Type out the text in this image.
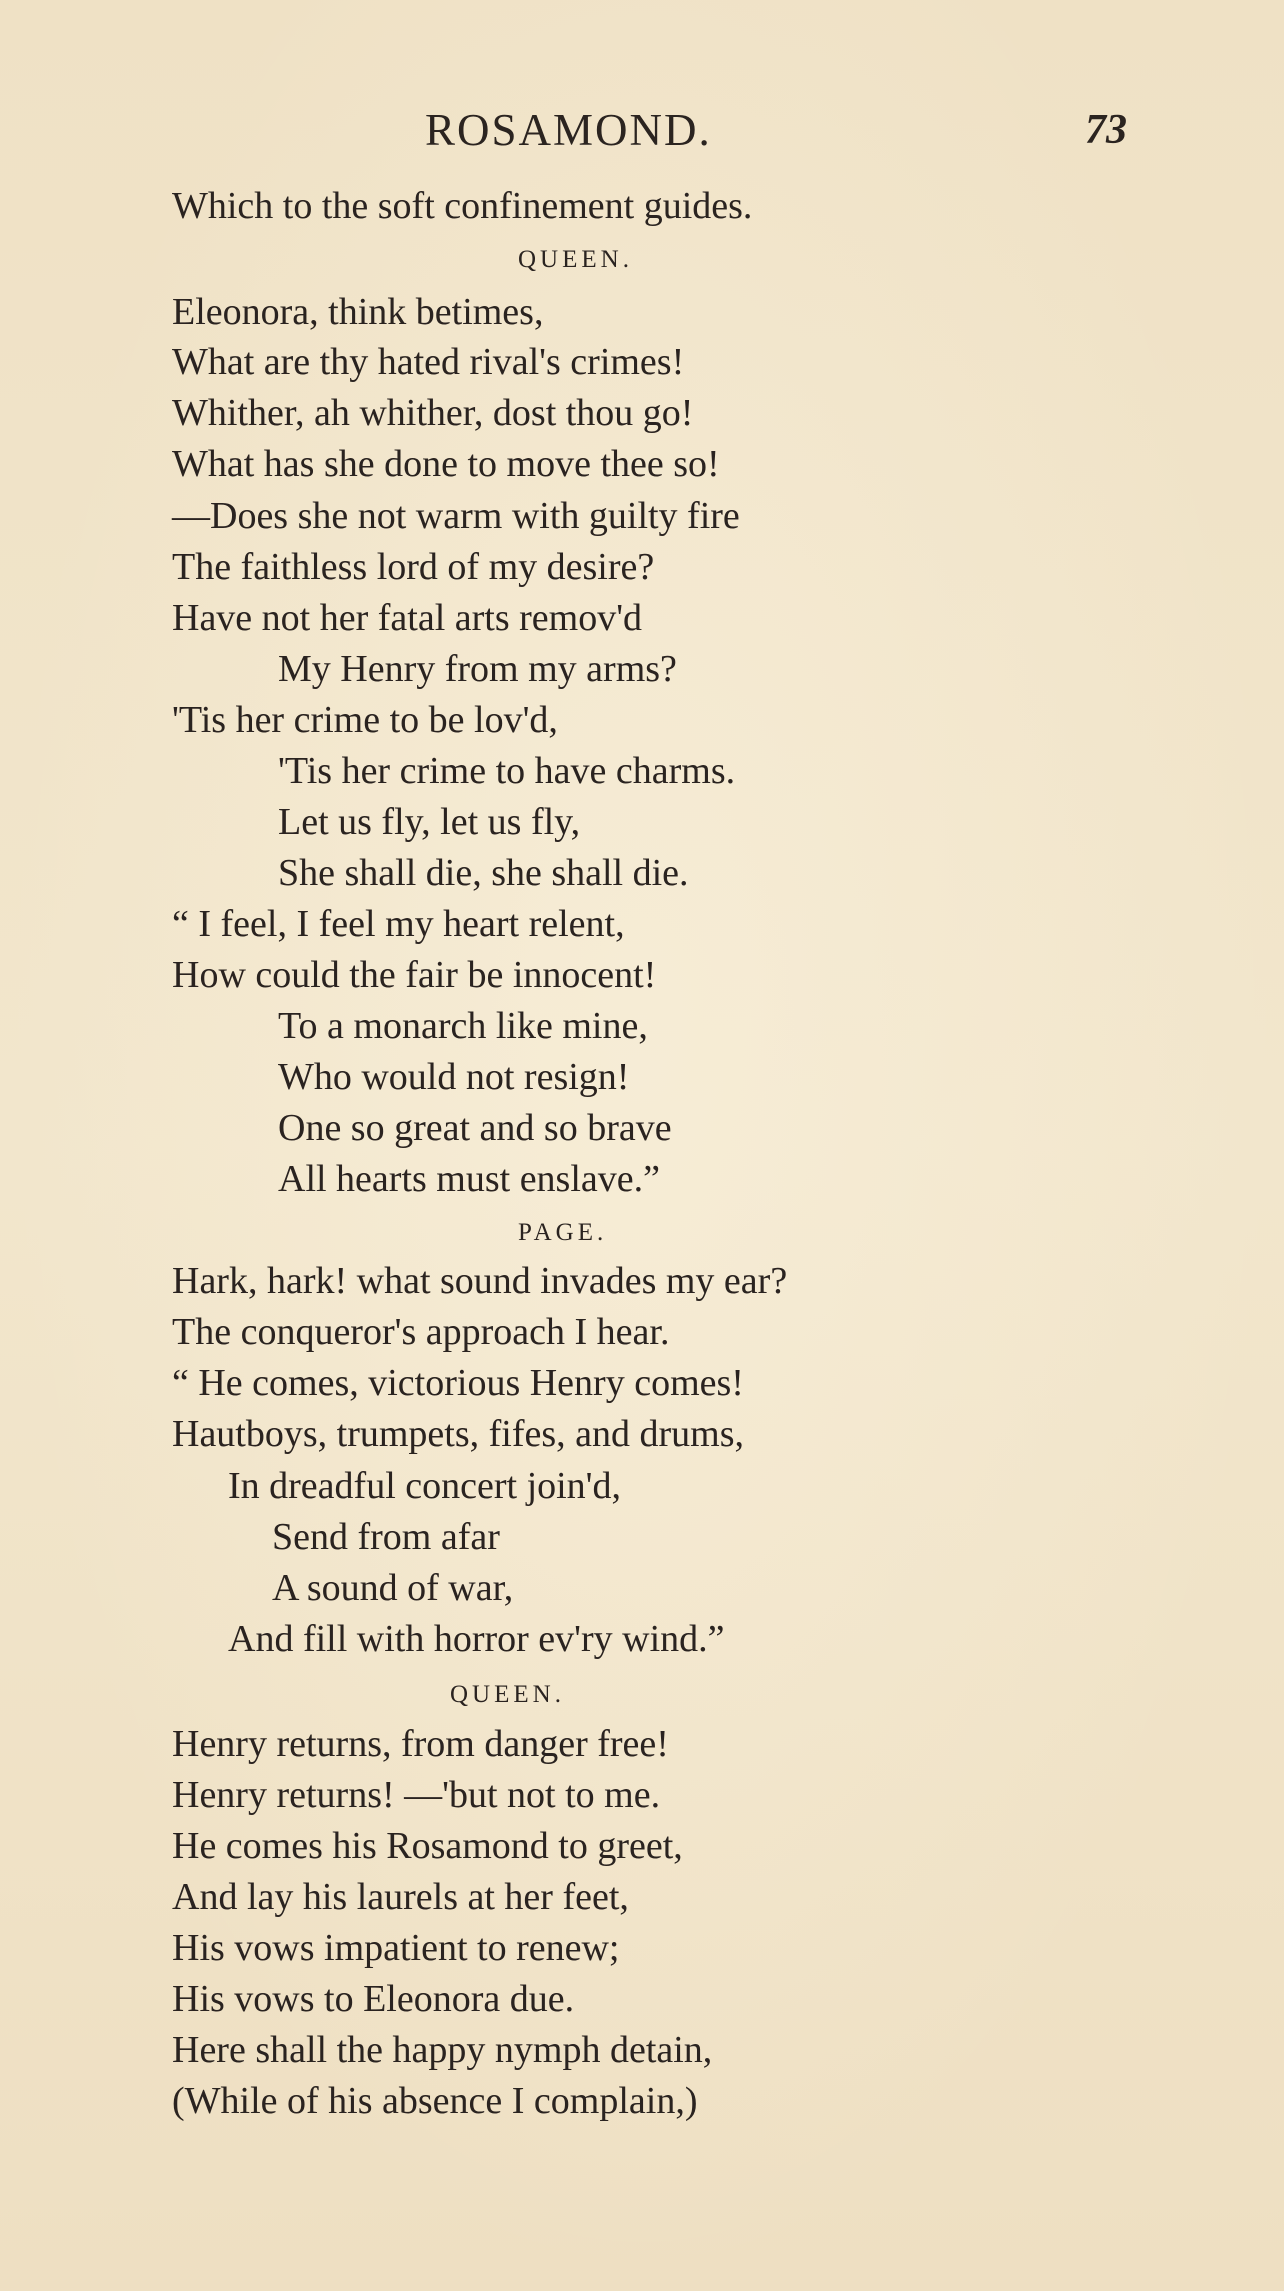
ROSAMOND.	73
Which to the soft confinement guides.
QUEEN.
Eleonora, think betimes,
What are thy hated rival's crimes!
Whither, ah whither, dost thou go!
What has she done to move thee so!
—Does she not warm with guilty fire
The faithless lord of my desire?
Have not her fatal arts remov'd
My Henry from my arms?
'Tis her crime to be lov'd,
'Tis her crime to have charms.
Let us fly, let us fly,
She shall die, she shall die.
“ I feel, I feel my heart relent,
How could the fair be innocent!
To a monarch like mine,
Who would not resign!
One so great and so brave
All hearts must enslave.”
PAGE.
Hark, hark! what sound invades my ear?
The conqueror's approach I hear.
“ He comes, victorious Henry comes!
Hautboys, trumpets, fifes, and drums,
In dreadful concert join'd,
Send from afar
A sound of war,
And fill with horror ev'ry wind.”
QUEEN.
Henry returns, from danger free!
Henry returns! —'but not to me.
He comes his Rosamond to greet,
And lay his laurels at her feet,
His vows impatient to renew;
His vows to Eleonora due.
Here shall the happy nymph detain,
(While of his absence I complain,)
